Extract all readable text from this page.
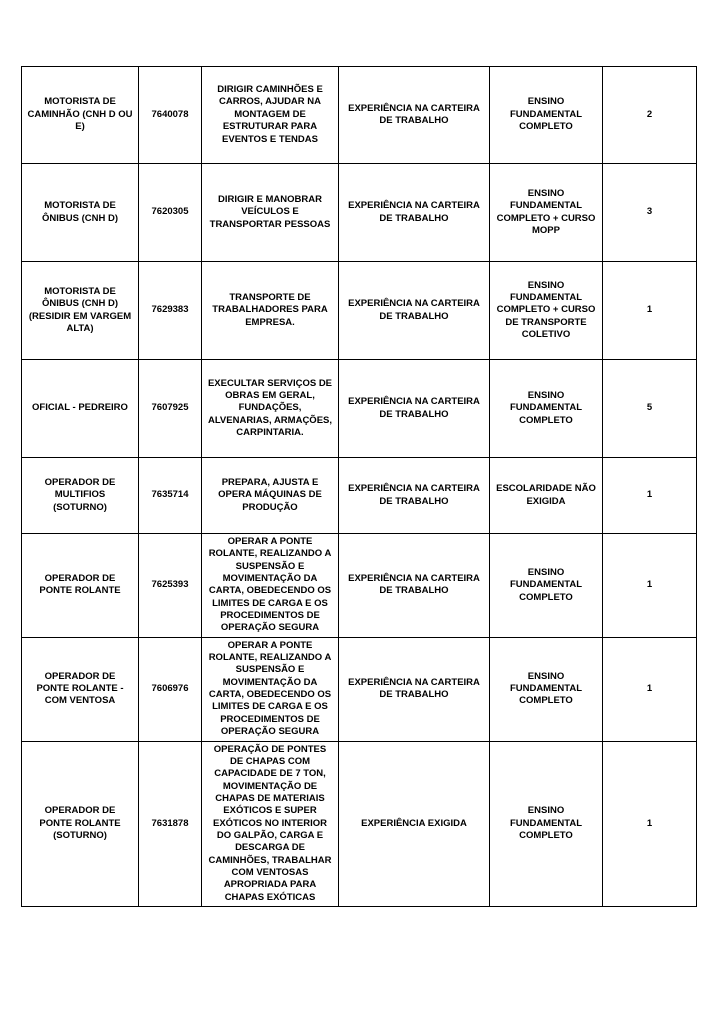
MOTORISTA DE CAMINHÃO (CNH D OU E)	7640078	DIRIGIR CAMINHÕES E CARROS, AJUDAR NA MONTAGEM DE ESTRUTURAR PARA EVENTOS E TENDAS	EXPERIÊNCIA NA CARTEIRA DE TRABALHO	ENSINO FUNDAMENTAL COMPLETO	2
MOTORISTA DE ÔNIBUS (CNH D)	7620305	DIRIGIR E MANOBRAR VEÍCULOS E TRANSPORTAR PESSOAS	EXPERIÊNCIA NA CARTEIRA DE TRABALHO	ENSINO FUNDAMENTAL COMPLETO + CURSO MOPP	3
MOTORISTA DE ÔNIBUS (CNH D) (RESIDIR EM VARGEM ALTA)	7629383	TRANSPORTE DE TRABALHADORES PARA EMPRESA.	EXPERIÊNCIA NA CARTEIRA DE TRABALHO	ENSINO FUNDAMENTAL COMPLETO + CURSO DE TRANSPORTE COLETIVO	1
OFICIAL - PEDREIRO	7607925	EXECULTAR SERVIÇOS DE OBRAS EM GERAL, FUNDAÇÕES, ALVENARIAS, ARMAÇÕES, CARPINTARIA.	EXPERIÊNCIA NA CARTEIRA DE TRABALHO	ENSINO FUNDAMENTAL COMPLETO	5
OPERADOR DE MULTIFIOS (SOTURNO)	7635714	PREPARA, AJUSTA E OPERA MÁQUINAS DE PRODUÇÃO	EXPERIÊNCIA NA CARTEIRA DE TRABALHO	ESCOLARIDADE NÃO EXIGIDA	1
OPERADOR DE PONTE ROLANTE	7625393	OPERAR A PONTE ROLANTE, REALIZANDO A SUSPENSÃO E MOVIMENTAÇÃO DA CARTA, OBEDECENDO OS LIMITES DE CARGA E OS PROCEDIMENTOS DE OPERAÇÃO SEGURA	EXPERIÊNCIA NA CARTEIRA DE TRABALHO	ENSINO FUNDAMENTAL COMPLETO	1
OPERADOR DE PONTE ROLANTE - COM VENTOSA	7606976	OPERAR A PONTE ROLANTE, REALIZANDO A SUSPENSÃO E MOVIMENTAÇÃO DA CARTA, OBEDECENDO OS LIMITES DE CARGA E OS PROCEDIMENTOS DE OPERAÇÃO SEGURA	EXPERIÊNCIA NA CARTEIRA DE TRABALHO	ENSINO FUNDAMENTAL COMPLETO	1
OPERADOR DE PONTE ROLANTE (SOTURNO)	7631878	OPERAÇÃO DE PONTES DE CHAPAS COM CAPACIDADE DE 7 TON, MOVIMENTAÇÃO DE CHAPAS DE MATERIAIS EXÓTICOS E SUPER EXÓTICOS NO INTERIOR DO GALPÃO, CARGA E DESCARGA DE CAMINHÕES, TRABALHAR COM VENTOSAS APROPRIADA PARA CHAPAS EXÓTICAS	EXPERIÊNCIA EXIGIDA	ENSINO FUNDAMENTAL COMPLETO	1
